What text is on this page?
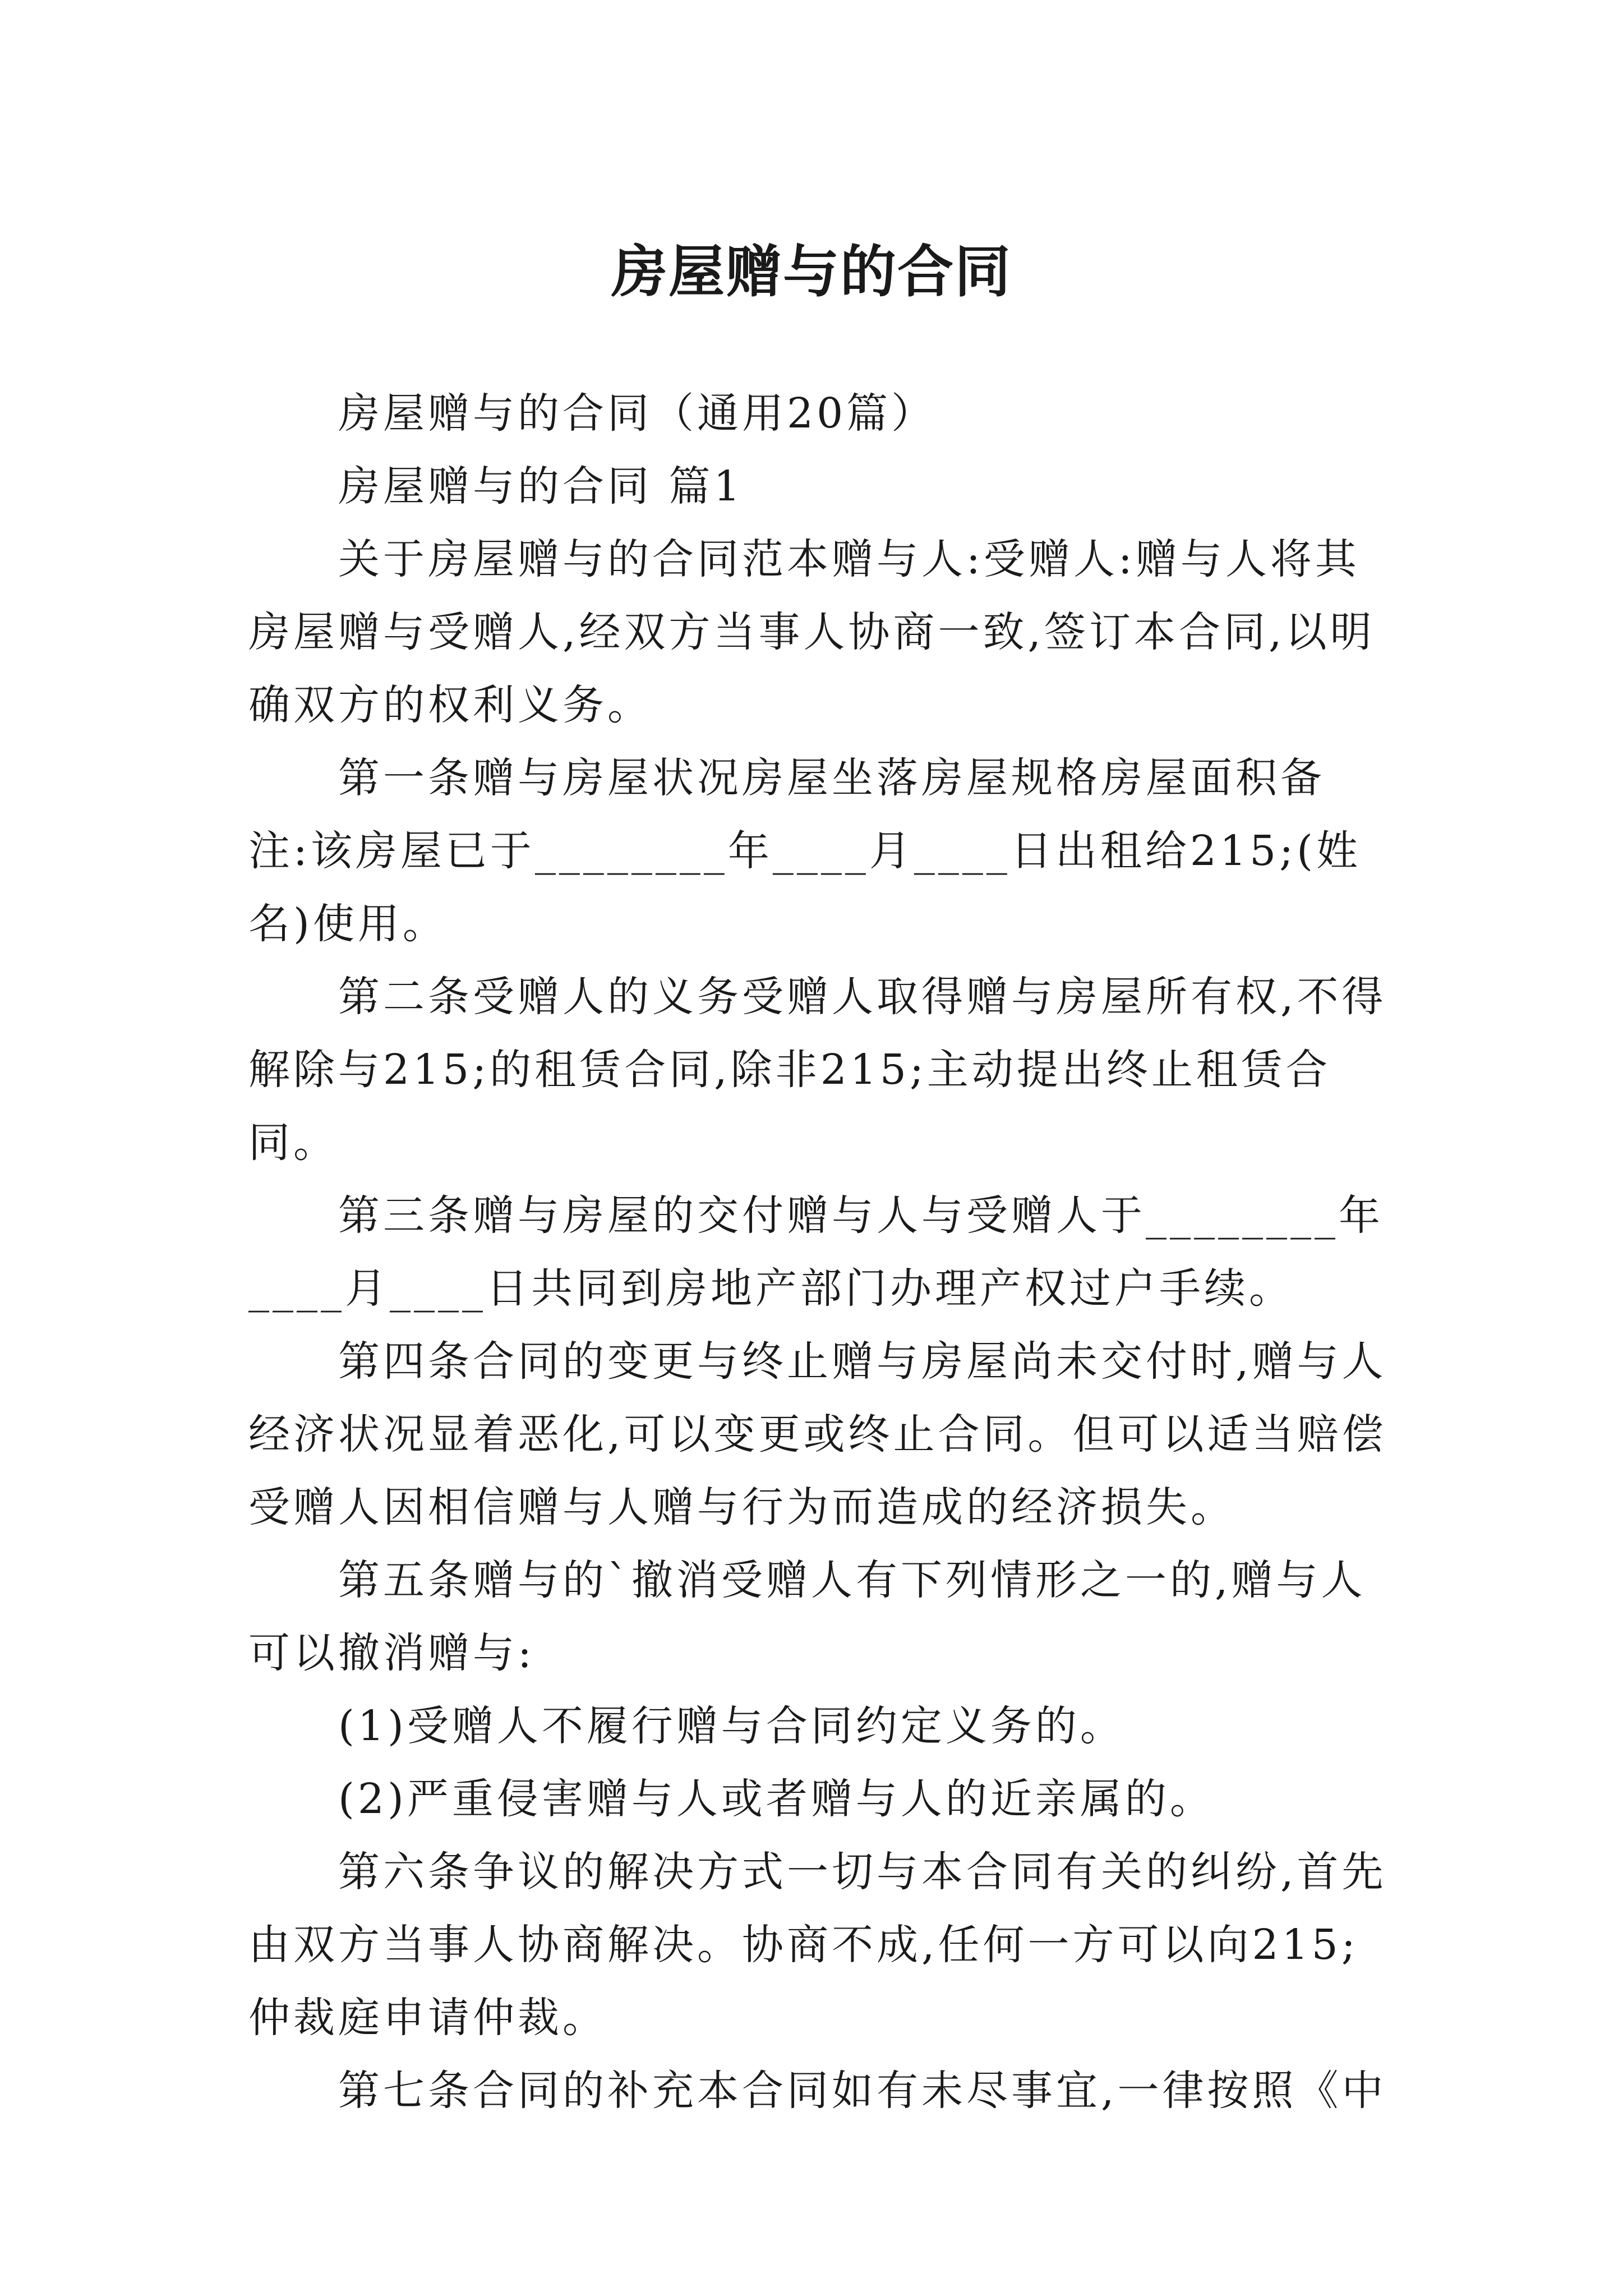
房屋赠与的合同

房屋赠与的合同（通用20篇）

房屋赠与的合同 篇1

关于房屋赠与的合同范本赠与人:受赠人:赠与人将其房屋赠与受赠人,经双方当事人协商一致,签订本合同,以明确双方的权利义务。

第一条赠与房屋状况房屋坐落房屋规格房屋面积备注:该房屋已于________年____月____日出租给215;(姓名)使用。

第二条受赠人的义务受赠人取得赠与房屋所有权,不得解除与215;的租赁合同,除非215;主动提出终止租赁合同。

第三条赠与房屋的交付赠与人与受赠人于________年____月____日共同到房地产部门办理产权过户手续。

第四条合同的变更与终止赠与房屋尚未交付时,赠与人经济状况显着恶化,可以变更或终止合同。但可以适当赔偿受赠人因相信赠与人赠与行为而造成的经济损失。

第五条赠与的`撤消受赠人有下列情形之一的,赠与人可以撤消赠与:

(1)受赠人不履行赠与合同约定义务的。

(2)严重侵害赠与人或者赠与人的近亲属的。

第六条争议的解决方式一切与本合同有关的纠纷,首先由双方当事人协商解决。协商不成,任何一方可以向215;仲裁庭申请仲裁。

第七条合同的补充本合同如有未尽事宜,一律按照《中
